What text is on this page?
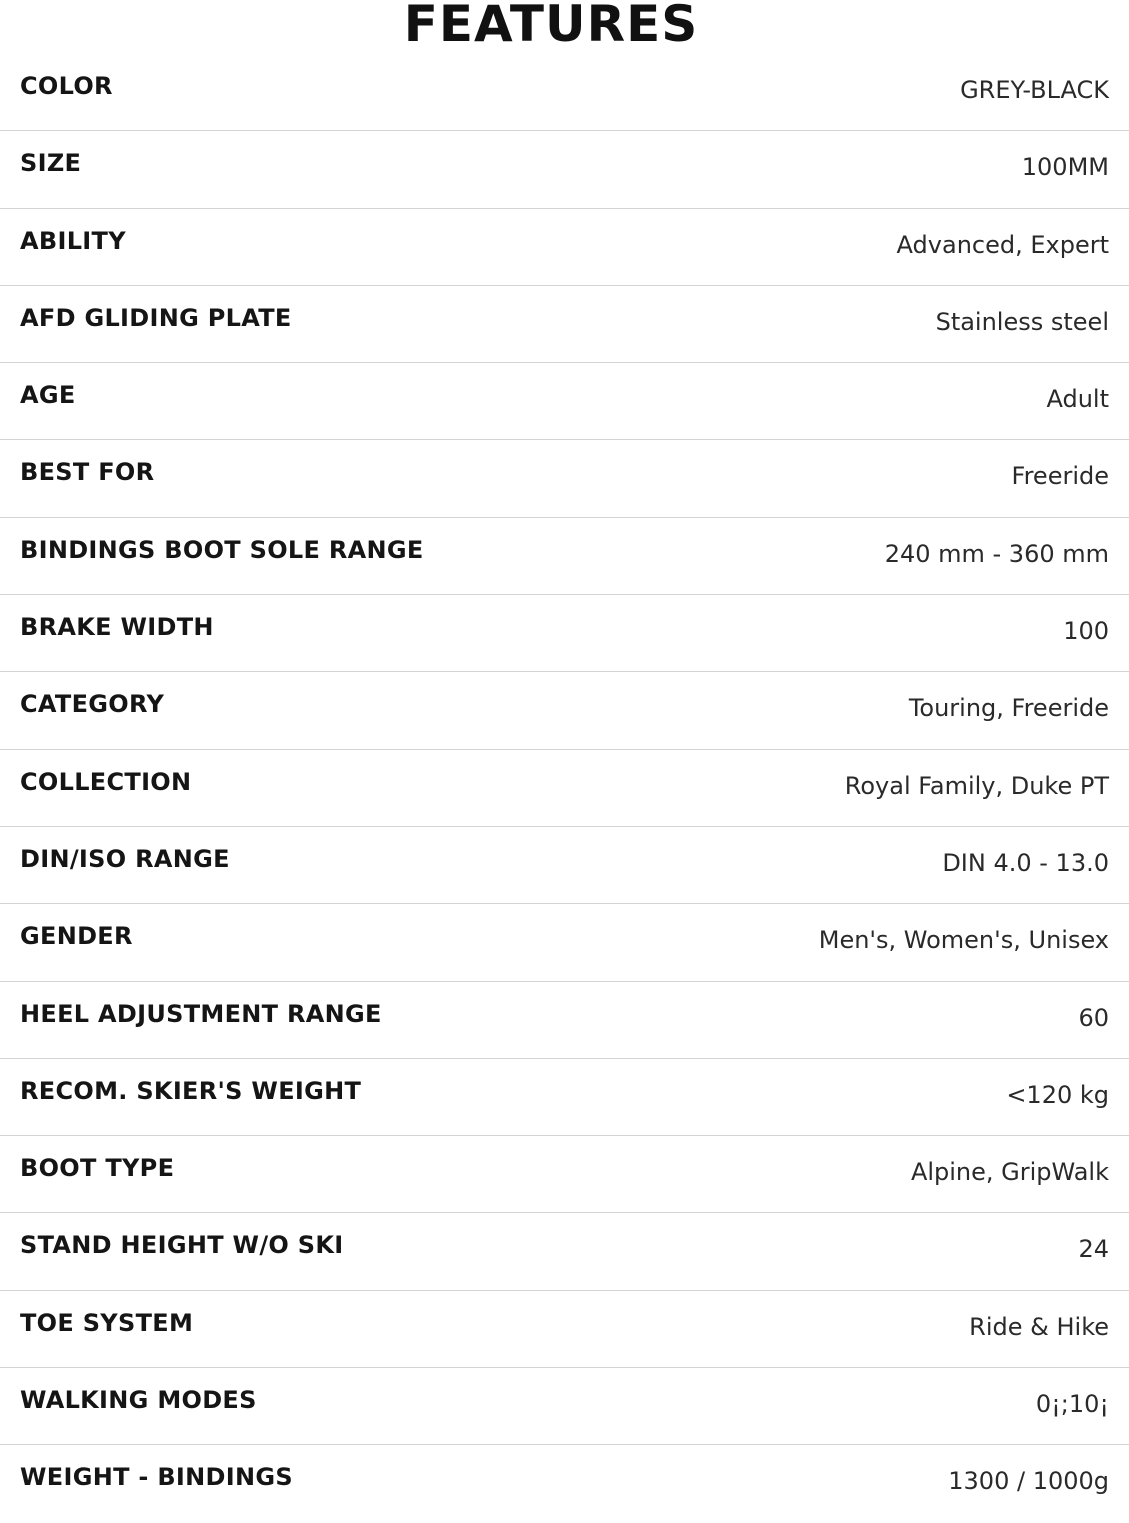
FEATURES
COLOR	GREY-BLACK
SIZE	100MM
ABILITY	Advanced, Expert
AFD GLIDING PLATE	Stainless steel
AGE	Adult
BEST FOR	Freeride
BINDINGS BOOT SOLE RANGE	240 mm - 360 mm
BRAKE WIDTH	100
CATEGORY	Touring, Freeride
COLLECTION	Royal Family, Duke PT
DIN/ISO RANGE	DIN 4.0 - 13.0
GENDER	Men's, Women's, Unisex
HEEL ADJUSTMENT RANGE	60
RECOM. SKIER'S WEIGHT	<120 kg
BOOT TYPE	Alpine, GripWalk
STAND HEIGHT W/O SKI	24
TOE SYSTEM	Ride & Hike
WALKING MODES	0¡;10¡
WEIGHT - BINDINGS	1300 / 1000g
